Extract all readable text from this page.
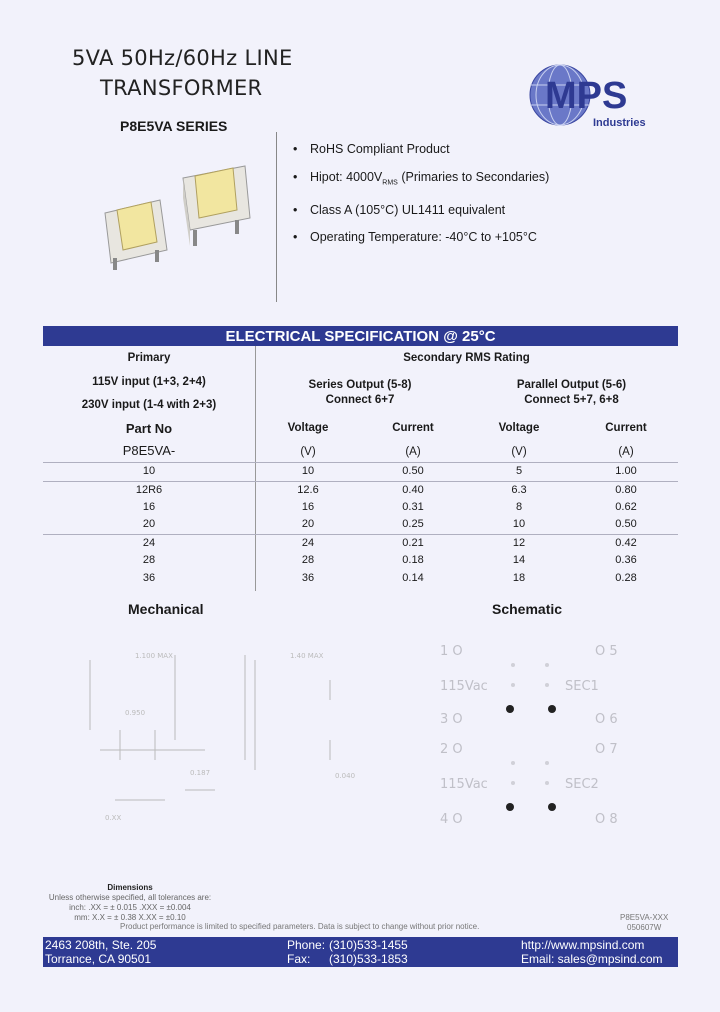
5VA 50Hz/60Hz LINE
TRANSFORMER
P8E5VA SERIES
• RoHS Compliant Product
• Hipot: $4000V_{RMS}$ (Primaries to Secondaries)
• Class A (105°C) UL1411 equivalent
• Operating Temperature: -40°C to +105°C
MPS
Industries
ELECTRICAL SPECIFICATION @ 25°C
Primary
115V input (1+3, 2+4)
230V input (1-4 with 2+3)
Secondary RMS Rating
Series Output (5-8)
Connect 6+7
Parallel Output (5-6)
Connect 5+7, 6+8
Part No
P8E5VA-
Voltage	Current	Voltage	Current
(V)	(A)	(V)	(A)
10	10	0.50	5	1.00
12R6	12.6	0.40	6.3	0.80
16	16	0.31	8	0.62
20	20	0.25	10	0.50
24	24	0.21	12	0.42
28	28	0.18	14	0.36
36	36	0.14	18	0.28
Mechanical	Schematic
1.100 MAX	1.40 MAX
0.950
0.187	0.040
0.XX
1 O
3 O
2 O
4 O
O 5
O 6
O 7
O 8
115Vac
115Vac
SEC1
SEC2
Dimensions
Unless otherwise specified, all tolerances are:
inch: .XX = ± 0.015 .XXX = ±0.004
mm: X.X = ± 0.38 X.XX = ±0.10
Product performance is limited to specified parameters. Data is subject to change without prior notice.
P8E5VA-XXX
050607W
2463 208th, Ste. 205
Torrance, CA 90501
Phone: (310)533-1455
Fax: (310)533-1853
http://www.mpsind.com
Email: sales@mpsind.com
